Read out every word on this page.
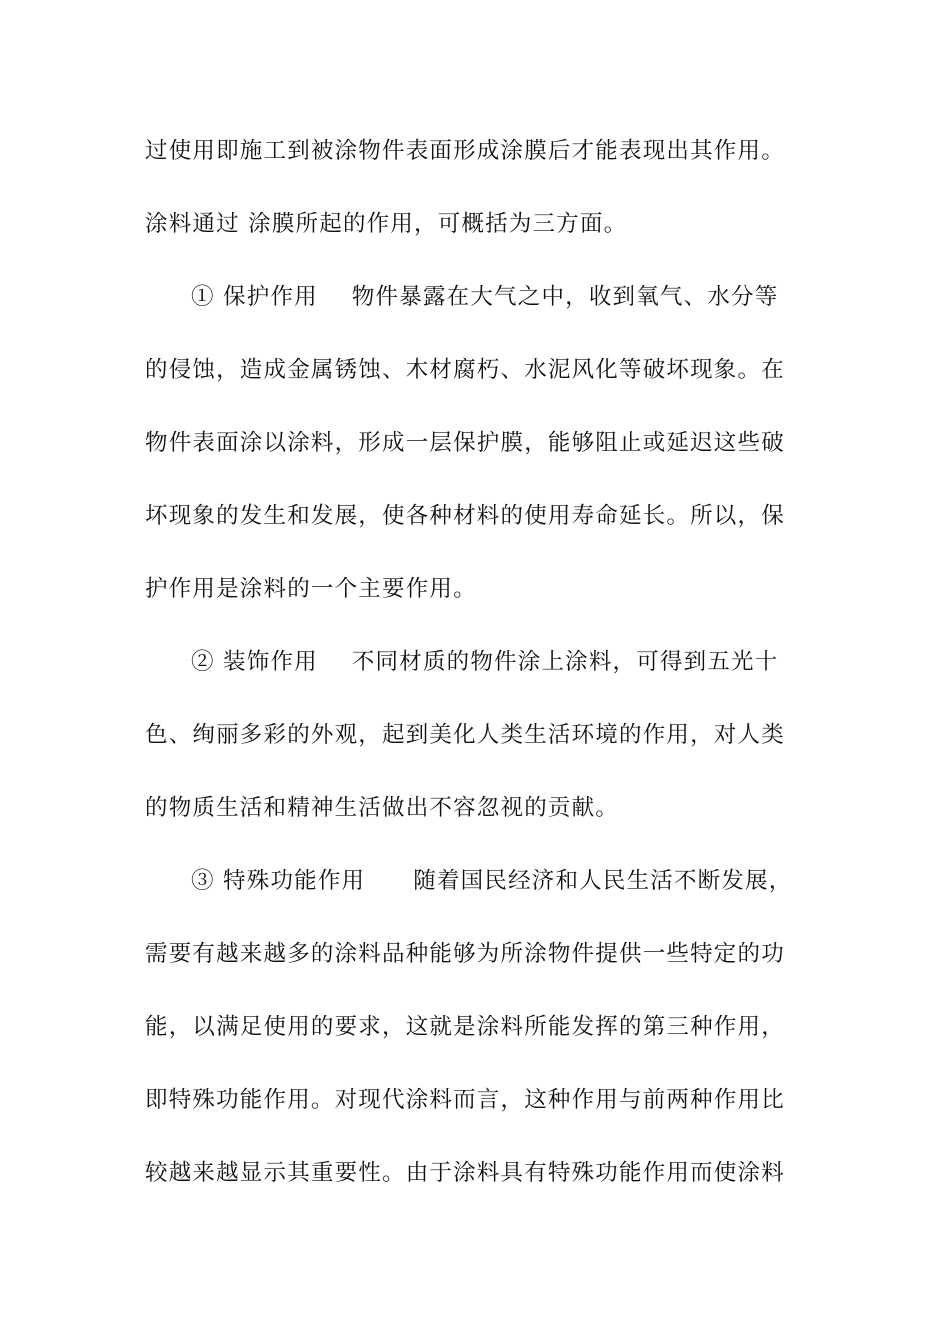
过使用即施工到被涂物件表面形成涂膜后才能表现出其作用。
涂料通过 涂膜所起的作用，可概括为三方面。
① 保护作用 物件暴露在大气之中，收到氧气、水分等
的侵蚀，造成金属锈蚀、木材腐朽、水泥风化等破坏现象。在
物件表面涂以涂料，形成一层保护膜，能够阻止或延迟这些破
坏现象的发生和发展，使各种材料的使用寿命延长。所以，保
护作用是涂料的一个主要作用。
② 装饰作用 不同材质的物件涂上涂料，可得到五光十
色、绚丽多彩的外观，起到美化人类生活环境的作用，对人类
的物质生活和精神生活做出不容忽视的贡献。
③ 特殊功能作用 随着国民经济和人民生活不断发展，
需要有越来越多的涂料品种能够为所涂物件提供一些特定的功
能，以满足使用的要求，这就是涂料所能发挥的第三种作用，
即特殊功能作用。对现代涂料而言，这种作用与前两种作用比
较越来越显示其重要性。由于涂料具有特殊功能作用而使涂料
